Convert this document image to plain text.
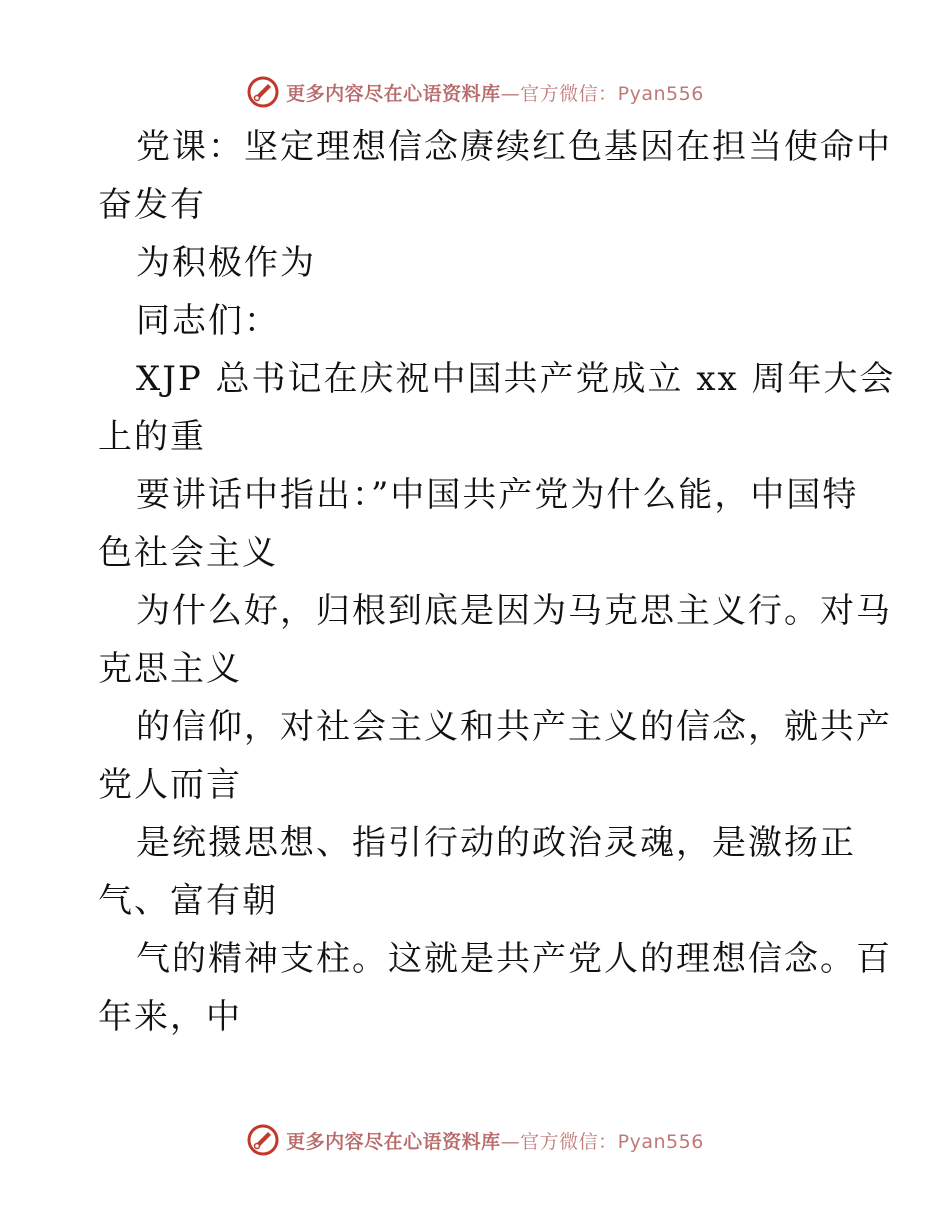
更多内容尽在心语资料库—官方微信：Pyan556
党课：坚定理想信念赓续红色基因在担当使命中
奋发有
为积极作为
同志们：
XJP 总书记在庆祝中国共产党成立 xx 周年大会
上的重
要讲话中指出：”中国共产党为什么能，中国特
色社会主义
为什么好，归根到底是因为马克思主义行。对马
克思主义
的信仰，对社会主义和共产主义的信念，就共产
党人而言
是统摄思想、指引行动的政治灵魂，是激扬正
气、富有朝
气的精神支柱。这就是共产党人的理想信念。百
年来，中
更多内容尽在心语资料库—官方微信：Pyan556
